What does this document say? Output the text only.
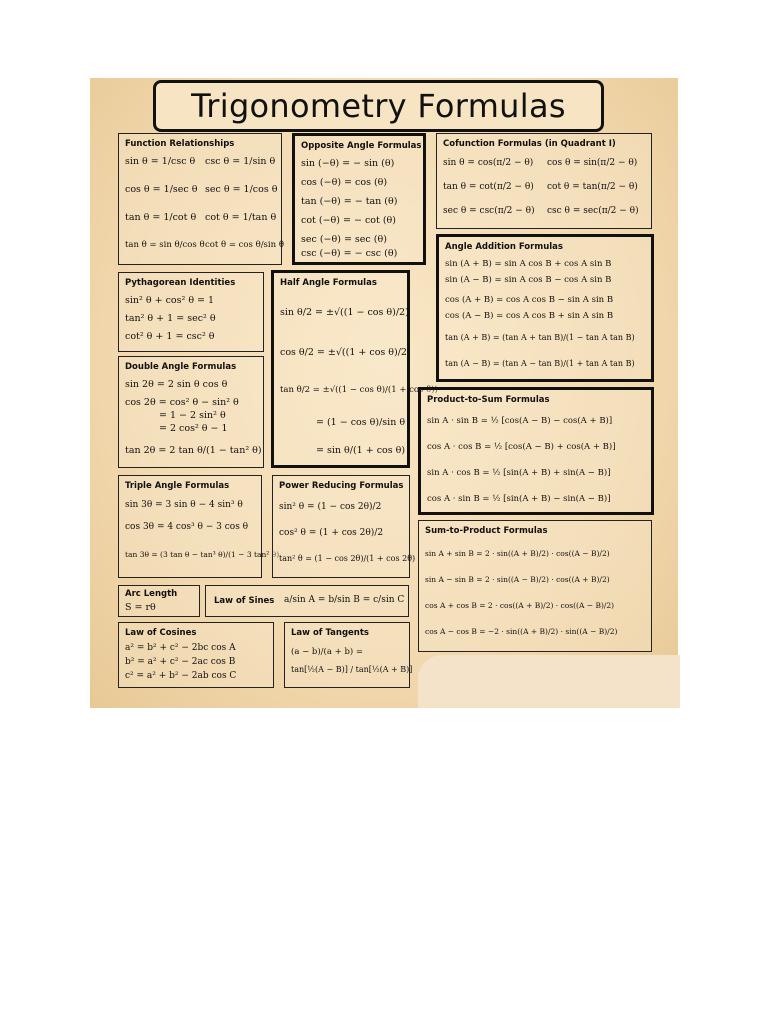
Trigonometry Formulas
Function Relationships
sin θ = 1/csc θ csc θ = 1/sin θ
cos θ = 1/sec θ sec θ = 1/cos θ
tan θ = 1/cot θ cot θ = 1/tan θ
tan θ = sin θ/cos θ cot θ = cos θ/sin θ
Opposite Angle Formulas
sin (−θ) = − sin (θ)
cos (−θ) = cos (θ)
tan (−θ) = − tan (θ)
cot (−θ) = − cot (θ)
sec (−θ) = sec (θ)
csc (−θ) = − csc (θ)
Cofunction Formulas (in Quadrant I)
sin θ = cos(π/2 − θ) cos θ = sin(π/2 − θ)
tan θ = cot(π/2 − θ) cot θ = tan(π/2 − θ)
sec θ = csc(π/2 − θ) csc θ = sec(π/2 − θ)
Angle Addition Formulas
sin (A + B) = sin A cos B + cos A sin B
sin (A − B) = sin A cos B − cos A sin B
cos (A + B) = cos A cos B − sin A sin B
cos (A − B) = cos A cos B + sin A sin B
tan (A + B) = (tan A + tan B)/(1 − tan A tan B)
tan (A − B) = (tan A − tan B)/(1 + tan A tan B)
Pythagorean Identities
sin² θ + cos² θ = 1
tan² θ + 1 = sec² θ
cot² θ + 1 = csc² θ
Half Angle Formulas
sin θ/2 = ±√((1 − cos θ)/2)
cos θ/2 = ±√((1 + cos θ)/2)
tan θ/2 = ±√((1 − cos θ)/(1 + cos θ))
= (1 − cos θ)/sin θ
= sin θ/(1 + cos θ)
Double Angle Formulas
sin 2θ = 2 sin θ cos θ
cos 2θ = cos² θ − sin² θ
= 1 − 2 sin² θ
= 2 cos² θ − 1
tan 2θ = 2 tan θ/(1 − tan² θ)
Product-to-Sum Formulas
sin A · sin B = ½ [cos(A − B) − cos(A + B)]
cos A · cos B = ½ [cos(A − B) + cos(A + B)]
sin A · cos B = ½ [sin(A + B) + sin(A − B)]
cos A · sin B = ½ [sin(A + B) − sin(A − B)]
Triple Angle Formulas
sin 3θ = 3 sin θ − 4 sin³ θ
cos 3θ = 4 cos³ θ − 3 cos θ
tan 3θ = (3 tan θ − tan³ θ)/(1 − 3 tan² θ)
Power Reducing Formulas
sin² θ = (1 − cos 2θ)/2
cos² θ = (1 + cos 2θ)/2
tan² θ = (1 − cos 2θ)/(1 + cos 2θ)
Sum-to-Product Formulas
sin A + sin B = 2 · sin((A + B)/2) · cos((A − B)/2)
sin A − sin B = 2 · sin((A − B)/2) · cos((A + B)/2)
cos A + cos B = 2 · cos((A + B)/2) · cos((A − B)/2)
cos A − cos B = −2 · sin((A + B)/2) · sin((A − B)/2)
Arc Length
S = rθ
Law of Sines a/sin A = b/sin B = c/sin C
Law of Cosines
a² = b² + c² − 2bc cos A
b² = a² + c² − 2ac cos B
c² = a² + b² − 2ab cos C
Law of Tangents
(a − b)/(a + b) =
tan[½(A − B)] / tan[½(A + B)]
